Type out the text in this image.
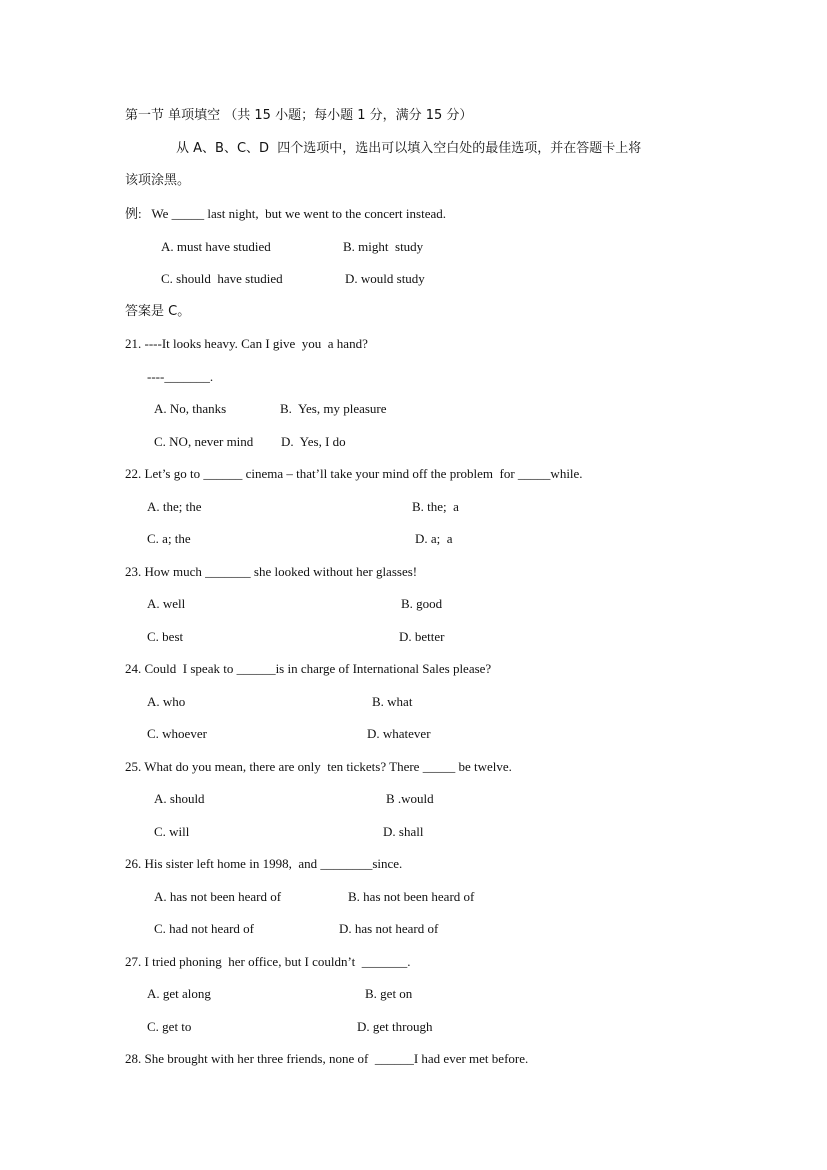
第一节 单项填空 （共 15 小题；每小题 1 分，满分 15 分）
从 A、B、C、D  四个选项中，选出可以填入空白处的最佳选项，并在答题卡上将
该项涂黑。
例:   We _____ last night,  but we went to the concert instead.
A. must have studied	B. might  study
C. should  have studied	D. would study
答案是 C。
21. ----It looks heavy. Can I give  you  a hand?
----_______.
A. No, thanks	B.  Yes, my pleasure
C. NO, never mind D.  Yes, I do
22. Let’s go to ______ cinema – that’ll take your mind off the problem  for _____while.
A. the; the	B. the;  a
C. a; the	D. a;  a
23. How much _______ she looked without her glasses!
A. well	B. good
C. best	D. better
24. Could  I speak to ______is in charge of International Sales please?
A. who	B. what
C. whoever	D. whatever
25. What do you mean, there are only  ten tickets? There _____ be twelve.
A. should	B .would
C. will	D. shall
26. His sister left home in 1998,  and ________since.
A. has not been heard of	B. has not been heard of
C. had not heard of	D. has not heard of
27. I tried phoning  her office, but I couldn’t  _______.
A. get along	B. get on
C. get to	D. get through
28. She brought with her three friends, none of  ______I had ever met before.
